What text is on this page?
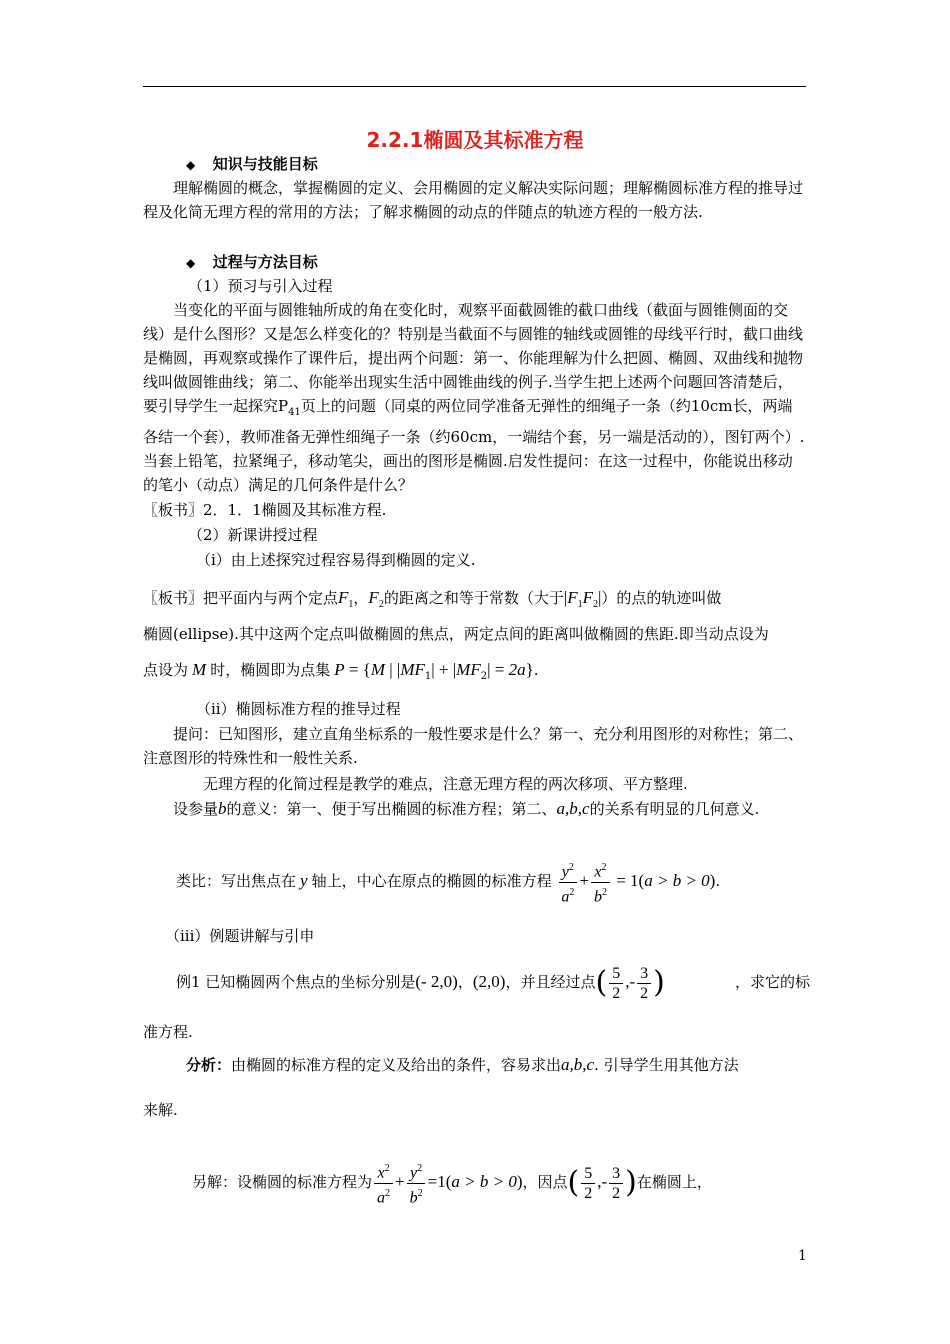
2.2.1椭圆及其标准方程
◆ 知识与技能目标
理解椭圆的概念，掌握椭圆的定义、会用椭圆的定义解决实际问题；理解椭圆标准方程的推导过程及化简无理方程的常用的方法；了解求椭圆的动点的伴随点的轨迹方程的一般方法.
◆ 过程与方法目标
（1）预习与引入过程
当变化的平面与圆锥轴所成的角在变化时，观察平面截圆锥的截口曲线（截面与圆锥侧面的交线）是什么图形？又是怎么样变化的？特别是当截面不与圆锥的轴线或圆锥的母线平行时，截口曲线是椭圆，再观察或操作了课件后，提出两个问题：第一、你能理解为什么把圆、椭圆、双曲线和抛物线叫做圆锥曲线；第二、你能举出现实生活中圆锥曲线的例子.当学生把上述两个问题回答清楚后，要引导学生一起探究$P_{41}$页上的问题（同桌的两位同学准备无弹性的细绳子一条（约10cm长，两端各结一个套），教师准备无弹性细绳子一条（约60cm，一端结个套，另一端是活动的），图钉两个）.当套上铅笔，拉紧绳子，移动笔尖，画出的图形是椭圆.启发性提问：在这一过程中，你能说出移动的笔小（动点）满足的几何条件是什么？
〖板书〗2．1．1椭圆及其标准方程.
（2）新课讲授过程
（i）由上述探究过程容易得到椭圆的定义.
〖板书〗把平面内与两个定点$F_1$，$F_2$的距离之和等于常数（大于$|F_1F_2|$）的点的轨迹叫做
椭圆(ellipse).其中这两个定点叫做椭圆的焦点，两定点间的距离叫做椭圆的焦距.即当动点设为
点设为 M 时，椭圆即为点集 P = {M | $|MF_1| + |MF_2| = 2a$}.
（ii）椭圆标准方程的推导过程
提问：已知图形，建立直角坐标系的一般性要求是什么？第一、充分利用图形的对称性；第二、注意图形的特殊性和一般性关系.
无理方程的化简过程是教学的难点，注意无理方程的两次移项、平方整理.
设参量b的意义：第一、便于写出椭圆的标准方程；第二、a,b,c的关系有明显的几何意义.
类比：写出焦点在 y 轴上，中心在原点的椭圆的标准方程 $\frac{y^2}{a^2} + \frac{x^2}{b^2} = 1(a > b > 0)$.
（iii）例题讲解与引申
例1 已知椭圆两个焦点的坐标分别是(- 2,0)，(2,0)，并且经过点( $\frac{5}{2}$ ,- $\frac{3}{2}$ )	，求它的标
准方程.
分析：由椭圆的标准方程的定义及给出的条件，容易求出a,b,c. 引导学生用其他方法
来解.
另解：设椭圆的标准方程为 $\frac{x^2}{a^2} + \frac{y^2}{b^2} =1(a > b > 0)$，因点( $\frac{5}{2}$ ,- $\frac{3}{2}$ )在椭圆上，
1
